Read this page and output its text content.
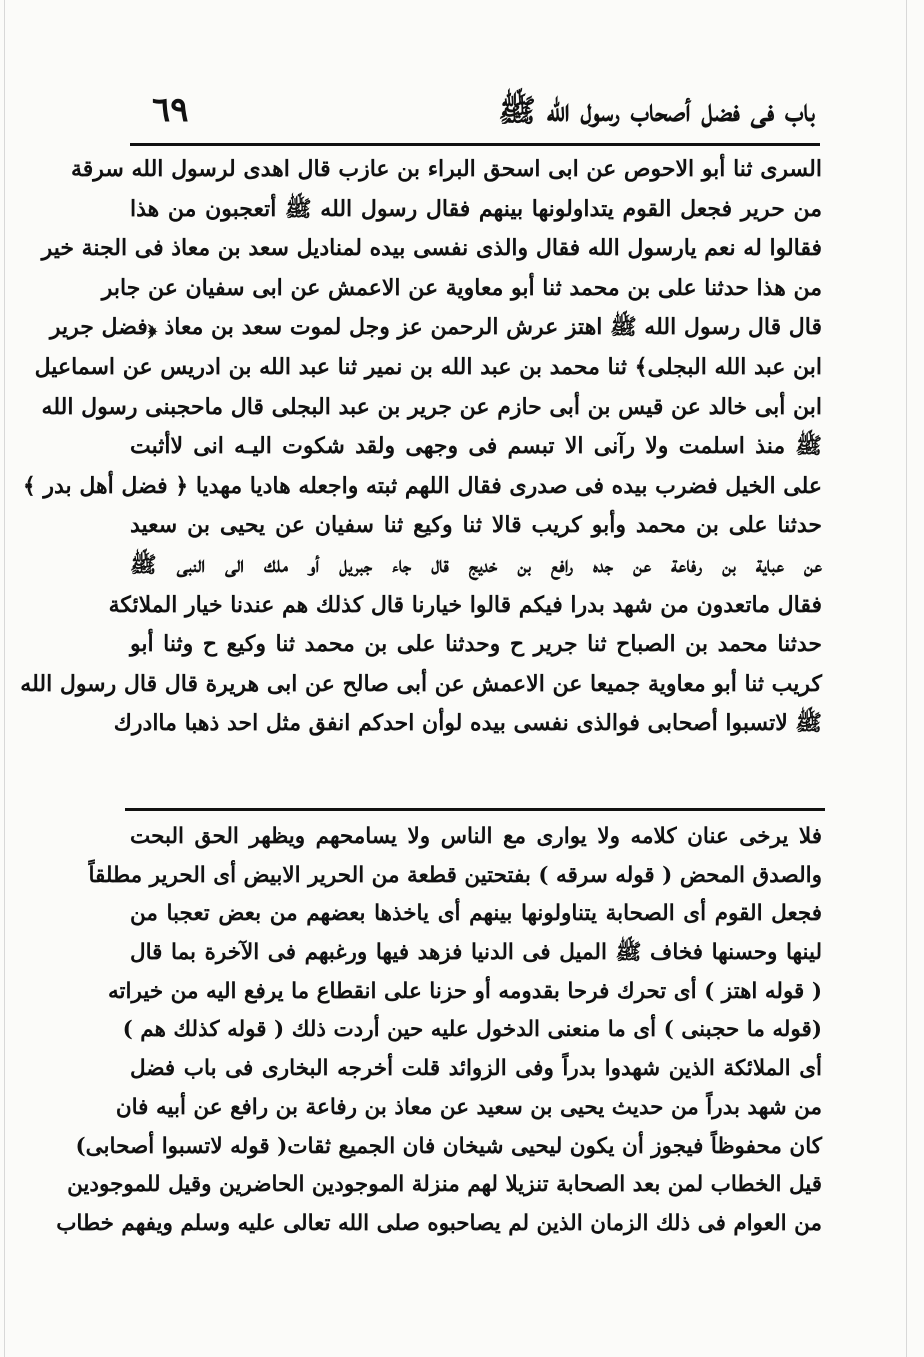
باب فی فضل أصحاب رسول الله ﷺ
٦٩
السری ثنا أبو الاحوص عن ابی اسحق البراء بن عازب قال اهدی لرسول الله سرقة
من حریر فجعل القوم يتداولونها بينهم فقال رسول الله ﷺ أتعجبون من هذا
فقالوا له نعم یارسول الله فقال والذى نفسى بیده لمنادیل سعد بن معاذ فی الجنة خیر
من هذا حدثنا علی بن محمد ثنا أبو معاویة عن الاعمش عن ابی سفیان عن جابر
قال قال رسول الله ﷺ اهتز عرش الرحمن عز وجل لموت سعد بن معاذ ﴿فضل جریر
ابن عبد الله البجلی﴾ ثنا محمد بن عبد الله بن نمیر ثنا عبد الله بن ادریس عن اسماعیل
ابن أبی خالد عن قیس بن أبی حازم عن جریر بن عبد البجلی قال ماحجبنی رسول الله
ﷺ منذ اسلمت ولا رآنی الا تبسم فی وجهی ولقد شکوت الیـه انی لاأثبت
علی الخیل فضرب بیده فی صدری فقال اللهم ثبته واجعله هادیا مهدیا ﴿ فضل أهل بدر ﴾
حدثنا علی بن محمد وأبو کریب قالا ثنا وکیع ثنا سفیان عن یحیی بن سعید
عن عبایة بن رفاعة عن جده رافع بن خدیج قال جاء جبریل أو ملك الی النبی ﷺ
فقال ماتعدون من شهد بدرا فیکم قالوا خیارنا قال کذلك هم عندنا خیار الملائکة
حدثنا محمد بن الصباح ثنا جریر ح وحدثنا علی بن محمد ثنا وکیع ح وثنا أبو
کریب ثنا أبو معاویة جمیعا عن الاعمش عن أبی صالح عن ابی هریرة قال قال رسول الله
ﷺ لاتسبوا أصحابی فوالذی نفسی بیده لوأن احدکم انفق مثل احد ذهبا ماادرك
فلا یرخی عنان کلامه ولا یواری مع الناس ولا یسامحهم ویظهر الحق البحت
والصدق المحض ( قوله سرقه ) بفتحتین قطعة من الحریر الابیض أی الحریر مطلقاً
فجعل القوم أی الصحابة یتناولونها بینهم أی یاخذها بعضهم من بعض تعجبا من
لینها وحسنها فخاف ﷺ المیل فی الدنیا فزهد فیها ورغبهم فی الآخرة بما قال
( قوله اهتز ) أی تحرك فرحا بقدومه أو حزنا علی انقطاع ما یرفع الیه من خیراته
(قوله ما حجبنی ) أی ما منعنی الدخول علیه حین أردت ذلك ( قوله کذلك هم )
أی الملائکة الذین شهدوا بدراً وفی الزوائد قلت أخرجه البخاری فی باب فضل
من شهد بدراً من حدیث یحیی بن سعید عن معاذ بن رفاعة بن رافع عن أبیه فان
کان محفوظاً فیجوز أن یکون لیحیی شیخان فان الجمیع ثقات( قوله لاتسبوا أصحابی)
قیل الخطاب لمن بعد الصحابة تنزیلا لهم منزلة الموجودین الحاضرین وقیل للموجودین
من العوام فی ذلك الزمان الذین لم یصاحبوه صلی الله تعالی علیه وسلم ویفهم خطاب
